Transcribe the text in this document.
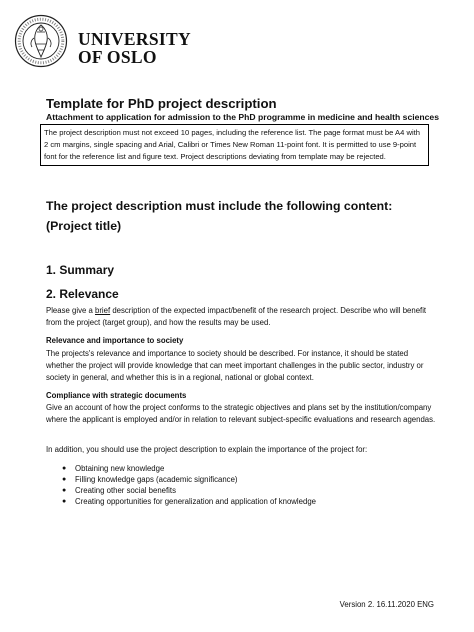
UNIVERSITY
OF OSLO
Template for PhD project description
Attachment to application for admission to the PhD programme in medicine and health sciences
The project description must not exceed 10 pages, including the reference list. The page format must be A4 with 2 cm margins, single spacing and Arial, Calibri or Times New Roman 11-point font. It is permitted to use 9-point font for the reference list and figure text. Project descriptions deviating from template may be rejected.
The project description must include the following content:
(Project title)
1. Summary
2. Relevance
Please give a brief description of the expected impact/benefit of the research project. Describe who will benefit from the project (target group), and how the results may be used.
Relevance and importance to society
The projects's relevance and importance to society should be described. For instance, it should be stated whether the project will provide knowledge that can meet important challenges in the public sector, industry or society in general, and whether this is in a regional, national or global context.
Compliance with strategic documents
Give an account of how the project conforms to the strategic objectives and plans set by the institution/company where the applicant is employed and/or in relation to relevant subject-specific evaluations and research agendas.
In addition, you should use the project description to explain the importance of the project for:
●	Obtaining new knowledge
●	Filling knowledge gaps (academic significance)
●	Creating other social benefits
●	Creating opportunities for generalization and application of knowledge
Version 2. 16.11.2020 ENG
